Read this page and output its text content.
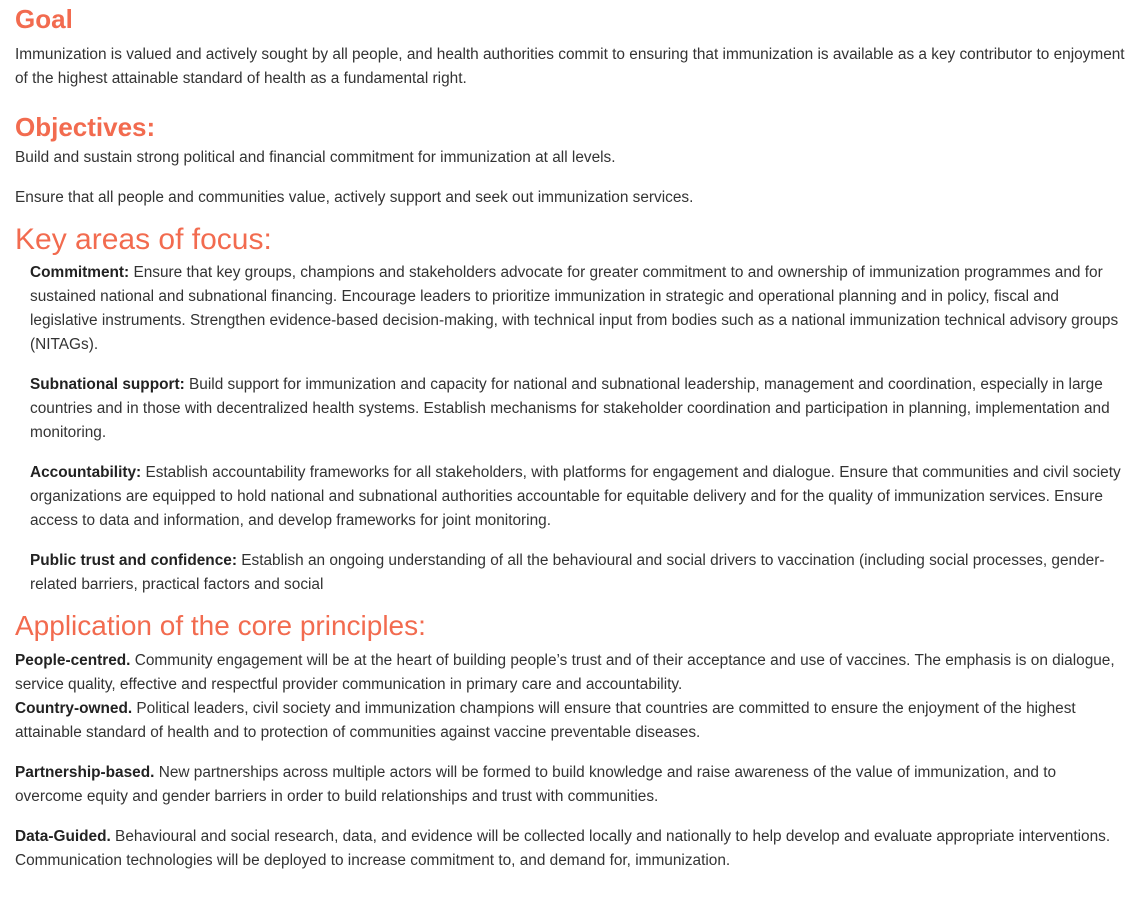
Goal

Immunization is valued and actively sought by all people, and health authorities commit to ensuring that immunization is available as a key contributor to enjoyment of the highest attainable standard of health as a fundamental right.

Objectives:

Build and sustain strong political and financial commitment for immunization at all levels.

Ensure that all people and communities value, actively support and seek out immunization services.

Key areas of focus:

Commitment: Ensure that key groups, champions and stakeholders advocate for greater commitment to and ownership of immunization programmes and for sustained national and subnational financing. Encourage leaders to prioritize immunization in strategic and operational planning and in policy, fiscal and legislative instruments. Strengthen evidence-based decision-making, with technical input from bodies such as a national immunization technical advisory groups (NITAGs).

Subnational support: Build support for immunization and capacity for national and subnational leadership, management and coordination, especially in large countries and in those with decentralized health systems. Establish mechanisms for stakeholder coordination and participation in planning, implementation and monitoring.

Accountability: Establish accountability frameworks for all stakeholders, with platforms for engagement and dialogue. Ensure that communities and civil society organizations are equipped to hold national and subnational authorities accountable for equitable delivery and for the quality of immunization services. Ensure access to data and information, and develop frameworks for joint monitoring.

Public trust and confidence: Establish an ongoing understanding of all the behavioural and social drivers to vaccination (including social processes, gender-related barriers, practical factors and social

Application of the core principles:

People-centred. Community engagement will be at the heart of building people’s trust and of their acceptance and use of vaccines. The emphasis is on dialogue, service quality, effective and respectful provider communication in primary care and accountability.

Country-owned. Political leaders, civil society and immunization champions will ensure that countries are committed to ensure the enjoyment of the highest attainable standard of health and to protection of communities against vaccine preventable diseases.

Partnership-based. New partnerships across multiple actors will be formed to build knowledge and raise awareness of the value of immunization, and to overcome equity and gender barriers in order to build relationships and trust with communities.

Data-Guided. Behavioural and social research, data, and evidence will be collected locally and nationally to help develop and evaluate appropriate interventions. Communication technologies will be deployed to increase commitment to, and demand for, immunization.
